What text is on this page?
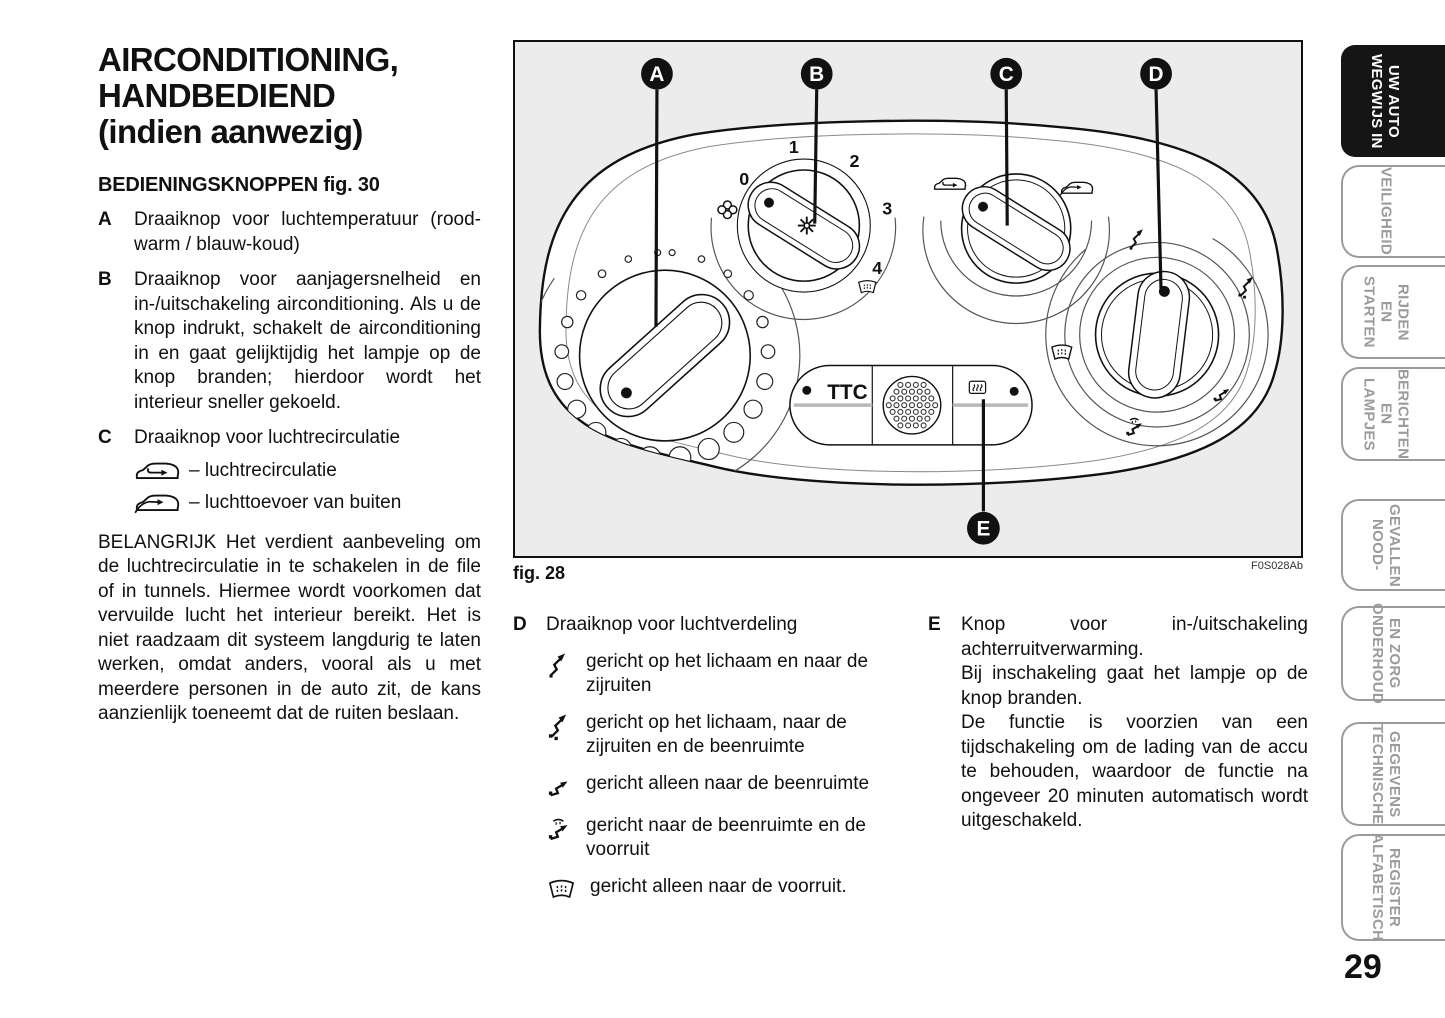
AIRCONDITIONING,
HANDBEDIEND
(indien aanwezig)
BEDIENINGSKNOPPEN fig. 30
A Draaiknop voor luchtemperatuur (rood-warm / blauw-koud)
B Draaiknop voor aanjagersnelheid en in-/uitschakeling airconditioning. Als u de knop indrukt, schakelt de airconditioning in en gaat gelijktijdig het lampje op de knop branden; hierdoor wordt het interieur sneller gekoeld.
C Draaiknop voor luchtrecirculatie
– luchtrecirculatie
– luchttoevoer van buiten

BELANGRIJK Het verdient aanbeveling om de luchtrecirculatie in te schakelen in de file of in tunnels. Hiermee wordt voorkomen dat vervuilde lucht het interieur bereikt. Het is niet raadzaam dit systeem langdurig te laten werken, omdat anders, vooral als u met meerdere personen in de auto zit, de kans aanzienlijk toeneemt dat de ruiten beslaan.

0
1
2
3
4
TTC
A	B	C	D
E
fig. 28	F0S028Ab
D Draaiknop voor luchtverdeling
gericht op het lichaam en naar de zijruiten
gericht op het lichaam, naar de zijruiten en de beenruimte
gericht alleen naar de beenruimte
gericht naar de beenruimte en de voorruit
gericht alleen naar de voorruit.
E Knop voor in-/uitschakeling achterruitverwarming.

Bij inschakeling gaat het lampje op de knop branden.

De functie is voorzien van een tijdschakeling om de lading van de accu te behouden, waardoor de functie na ongeveer 20 minuten automatisch wordt uitgeschakeld.

WEGWIJS IN UW AUTO
VEILIGHEID
STARTEN EN RIJDEN
LAMPJES EN BERICHTEN
NOOD- GEVALLEN
ONDERHOUD EN ZORG
TECHNISCHE GEGEVENS
ALFABETISCH REGISTER
29
